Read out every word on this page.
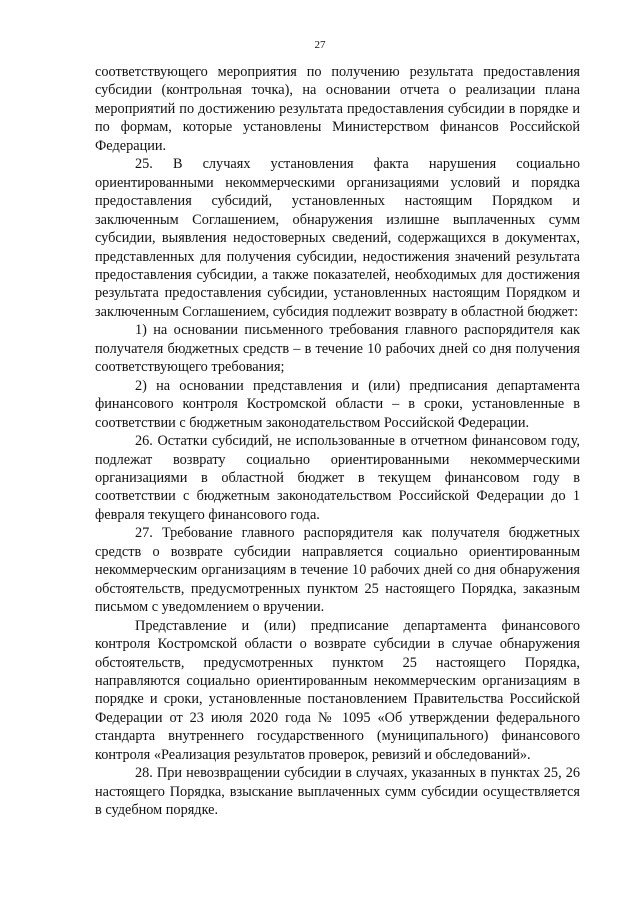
27

соответствующего мероприятия по получению результата предоставления субсидии (контрольная точка), на основании отчета о реализации плана мероприятий по достижению результата предоставления субсидии в порядке и по формам, которые установлены Министерством финансов Российской Федерации.

25. В случаях установления факта нарушения социально ориентированными некоммерческими организациями условий и порядка предоставления субсидий, установленных настоящим Порядком и заключенным Соглашением, обнаружения излишне выплаченных сумм субсидии, выявления недостоверных сведений, содержащихся в документах, представленных для получения субсидии, недостижения значений результата предоставления субсидии, а также показателей, необходимых для достижения результата предоставления субсидии, установленных настоящим Порядком и заключенным Соглашением, субсидия подлежит возврату в областной бюджет:

1) на основании письменного требования главного распорядителя как получателя бюджетных средств – в течение 10 рабочих дней со дня получения соответствующего требования;

2) на основании представления и (или) предписания департамента финансового контроля Костромской области – в сроки, установленные в соответствии с бюджетным законодательством Российской Федерации.

26. Остатки субсидий, не использованные в отчетном финансовом году, подлежат возврату социально ориентированными некоммерческими организациями в областной бюджет в текущем финансовом году в соответствии с бюджетным законодательством Российской Федерации до 1 февраля текущего финансового года.

27. Требование главного распорядителя как получателя бюджетных средств о возврате субсидии направляется социально ориентированным некоммерческим организациям в течение 10 рабочих дней со дня обнаружения обстоятельств, предусмотренных пунктом 25 настоящего Порядка, заказным письмом с уведомлением о вручении.

Представление и (или) предписание департамента финансового контроля Костромской области о возврате субсидии в случае обнаружения обстоятельств, предусмотренных пунктом 25 настоящего Порядка, направляются социально ориентированным некоммерческим организациям в порядке и сроки, установленные постановлением Правительства Российской Федерации от 23 июля 2020 года № 1095 «Об утверждении федерального стандарта внутреннего государственного (муниципального) финансового контроля «Реализация результатов проверок, ревизий и обследований».

28. При невозвращении субсидии в случаях, указанных в пунктах 25, 26 настоящего Порядка, взыскание выплаченных сумм субсидии осуществляется в судебном порядке.
